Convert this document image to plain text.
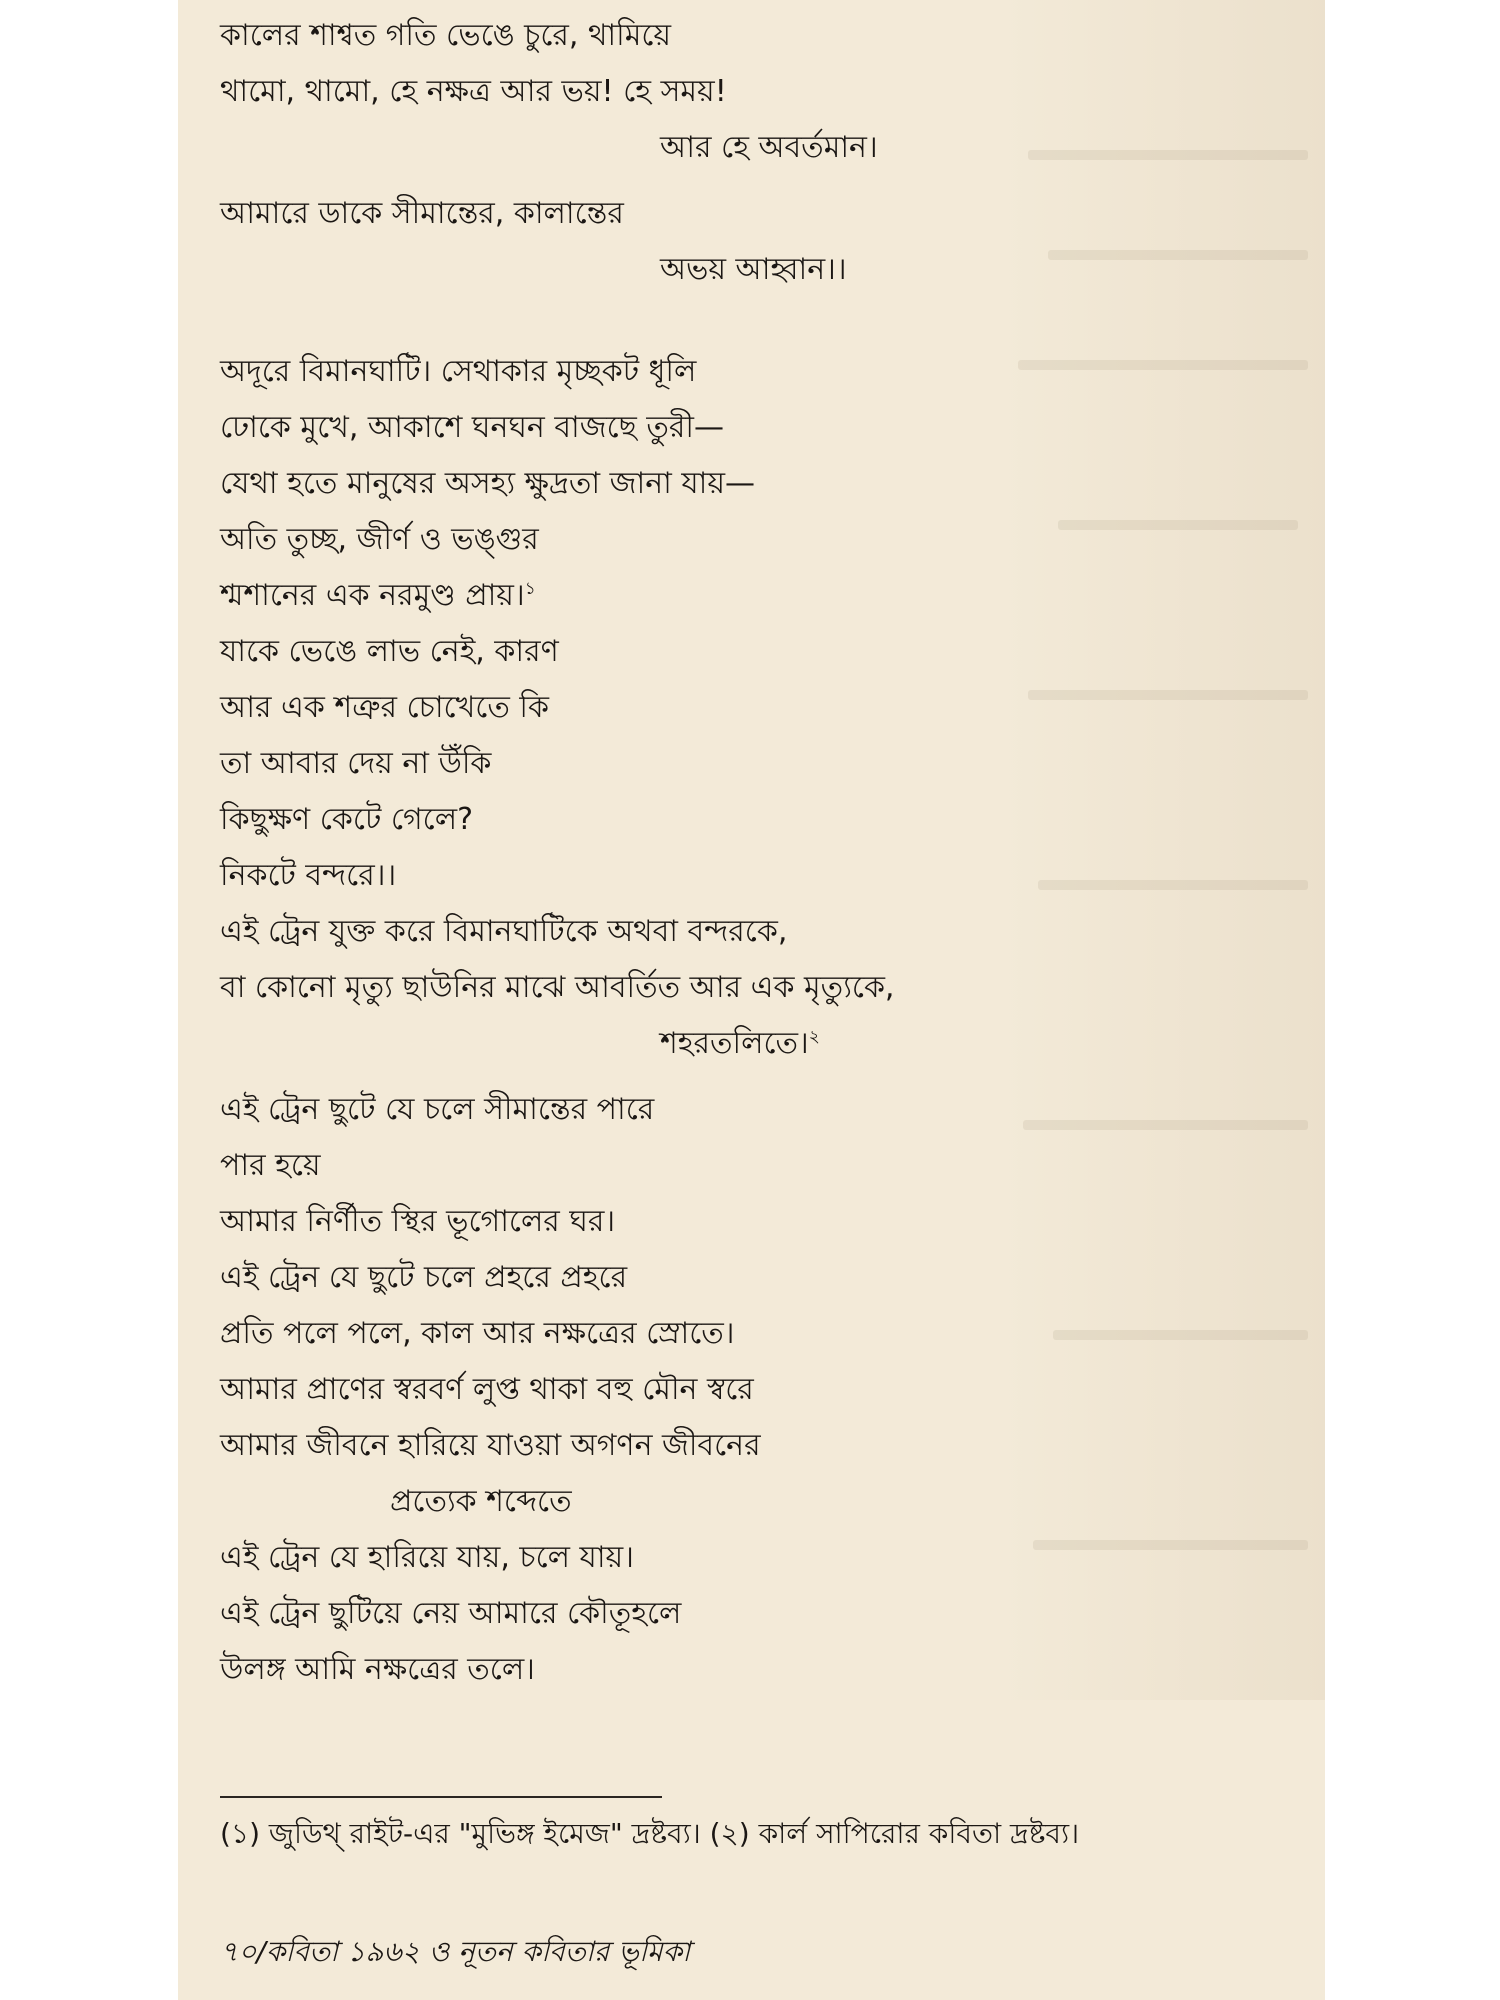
কালের শাশ্বত গতি ভেঙে চুরে, থামিয়ে
থামো, থামো, হে নক্ষত্র আর ভয়! হে সময়!
আর হে অবর্তমান।
আমারে ডাকে সীমান্তের, কালান্তের
অভয় আহ্বান।।
অদূরে বিমানঘাটি। সেথাকার মৃচ্ছকট ধূলি
ঢোকে মুখে, আকাশে ঘনঘন বাজছে তুরী—
যেথা হতে মানুষের অসহ্য ক্ষুদ্রতা জানা যায়—
অতি তুচ্ছ, জীর্ণ ও ভঙ্গুর
শ্মশানের এক নরমুণ্ড প্রায়।$^১$
যাকে ভেঙে লাভ নেই, কারণ
আর এক শত্রুর চোখেতে কি
তা আবার দেয় না উঁকি
কিছুক্ষণ কেটে গেলে?
নিকটে বন্দরে।।
এই ট্রেন যুক্ত করে বিমানঘাটিকে অথবা বন্দরকে,
বা কোনো মৃত্যু ছাউনির মাঝে আবর্তিত আর এক মৃত্যুকে,
শহরতলিতে।$^২$
এই ট্রেন ছুটে যে চলে সীমান্তের পারে
পার হয়ে
আমার নির্ণীত স্থির ভূগোলের ঘর।
এই ট্রেন যে ছুটে চলে প্রহরে প্রহরে
প্রতি পলে পলে, কাল আর নক্ষত্রের স্রোতে।
আমার প্রাণের স্বরবর্ণ লুপ্ত থাকা বহু মৌন স্বরে
আমার জীবনে হারিয়ে যাওয়া অগণন জীবনের
প্রত্যেক শব্দেতে
এই ট্রেন যে হারিয়ে যায়, চলে যায়।
এই ট্রেন ছুটিয়ে নেয় আমারে কৌতূহলে
উলঙ্গ আমি নক্ষত্রের তলে।
(১) জুডিথ্ রাইট-এর "মুভিঙ্গ ইমেজ" দ্রষ্টব্য। (২) কার্ল সাপিরোর কবিতা দ্রষ্টব্য।
৭০/কবিতা ১৯৬২ ও নূতন কবিতার ভূমিকা
